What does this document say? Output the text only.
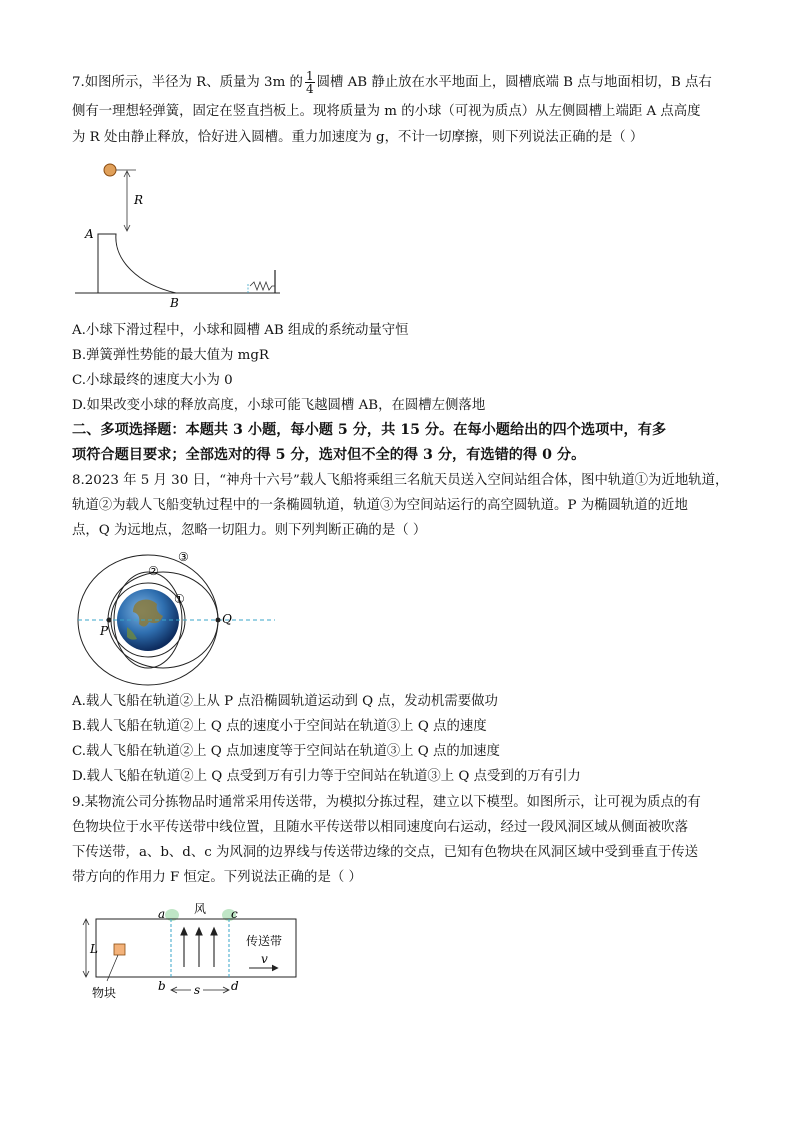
7.如图所示，半径为 R、质量为 3m 的 $\frac{1}{4}$ 圆槽 AB 静止放在水平地面上，圆槽底端 B 点与地面相切，B 点右
侧有一理想轻弹簧，固定在竖直挡板上。现将质量为 m 的小球（可视为质点）从左侧圆槽上端距 A 点高度
为 R 处由静止释放，恰好进入圆槽。重力加速度为 g，不计一切摩擦，则下列说法正确的是（ ）
R
A
B
A.小球下滑过程中，小球和圆槽 AB 组成的系统动量守恒
B.弹簧弹性势能的最大值为 mgR
C.小球最终的速度大小为 0
D.如果改变小球的释放高度，小球可能飞越圆槽 AB，在圆槽左侧落地
二、多项选择题：本题共 3 小题，每小题 5 分，共 15 分。在每小题给出的四个选项中，有多
项符合题目要求；全部选对的得 5 分，选对但不全的得 3 分，有选错的得 0 分。
8.2023 年 5 月 30 日，“神舟十六号”载人飞船将乘组三名航天员送入空间站组合体，图中轨道①为近地轨道，
轨道②为载人飞船变轨过程中的一条椭圆轨道，轨道③为空间站运行的高空圆轨道。P 为椭圆轨道的近地
点，Q 为远地点，忽略一切阻力。则下列判断正确的是（ ）
P
Q
①
②
③
A.载人飞船在轨道②上从 P 点沿椭圆轨道运动到 Q 点，发动机需要做功
B.载人飞船在轨道②上 Q 点的速度小于空间站在轨道③上 Q 点的速度
C.载人飞船在轨道②上 Q 点加速度等于空间站在轨道③上 Q 点的加速度
D.载人飞船在轨道②上 Q 点受到万有引力等于空间站在轨道③上 Q 点受到的万有引力
9.某物流公司分拣物品时通常采用传送带，为模拟分拣过程，建立以下模型。如图所示，让可视为质点的有
色物块位于水平传送带中线位置，且随水平传送带以相同速度向右运动，经过一段风洞区域从侧面被吹落
下传送带，a、b、d、c 为风洞的边界线与传送带边缘的交点，已知有色物块在风洞区域中受到垂直于传送
带方向的作用力 F 恒定。下列说法正确的是（ ）
L
s
a	c
b	d
风
传送带
v
物块
